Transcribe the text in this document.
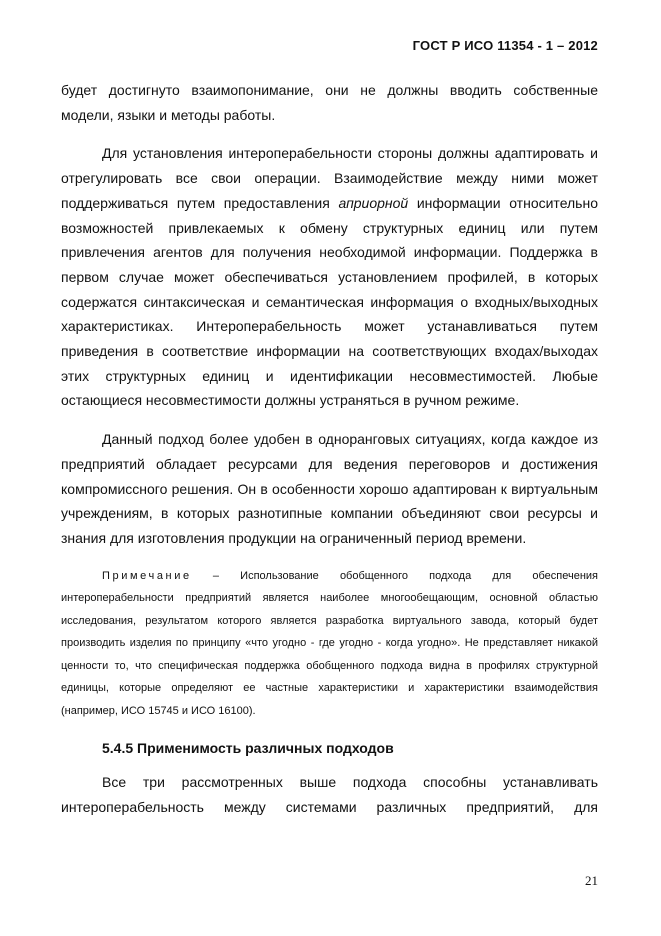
ГОСТ Р ИСО 11354 - 1 – 2012

будет достигнуто взаимопонимание, они не должны вводить собственные модели, языки и методы работы.

Для установления интероперабельности стороны должны адаптировать и отрегулировать все свои операции. Взаимодействие между ними может поддерживаться путем предоставления априорной информации относительно возможностей привлекаемых к обмену структурных единиц или путем привлечения агентов для получения необходимой информации. Поддержка в первом случае может обеспечиваться установлением профилей, в которых содержатся синтаксическая и семантическая информация о входных/выходных характеристиках. Интероперабельность может устанавливаться путем приведения в соответствие информации на соответствующих входах/выходах этих структурных единиц и идентификации несовместимостей. Любые остающиеся несовместимости должны устраняться в ручном режиме.

Данный подход более удобен в одноранговых ситуациях, когда каждое из предприятий обладает ресурсами для ведения переговоров и достижения компромиссного решения. Он в особенности хорошо адаптирован к виртуальным учреждениям, в которых разнотипные компании объединяют свои ресурсы и знания для изготовления продукции на ограниченный период времени.

Примечание – Использование обобщенного подхода для обеспечения интероперабельности предприятий является наиболее многообещающим, основной областью исследования, результатом которого является разработка виртуального завода, который будет производить изделия по принципу «что угодно - где угодно - когда угодно». Не представляет никакой ценности то, что специфическая поддержка обобщенного подхода видна в профилях структурной единицы, которые определяют ее частные характеристики и характеристики взаимодействия (например, ИСО 15745 и ИСО 16100).

5.4.5 Применимость различных подходов

Все три рассмотренных выше подхода способны устанавливать интероперабельность между системами различных предприятий, для

21
